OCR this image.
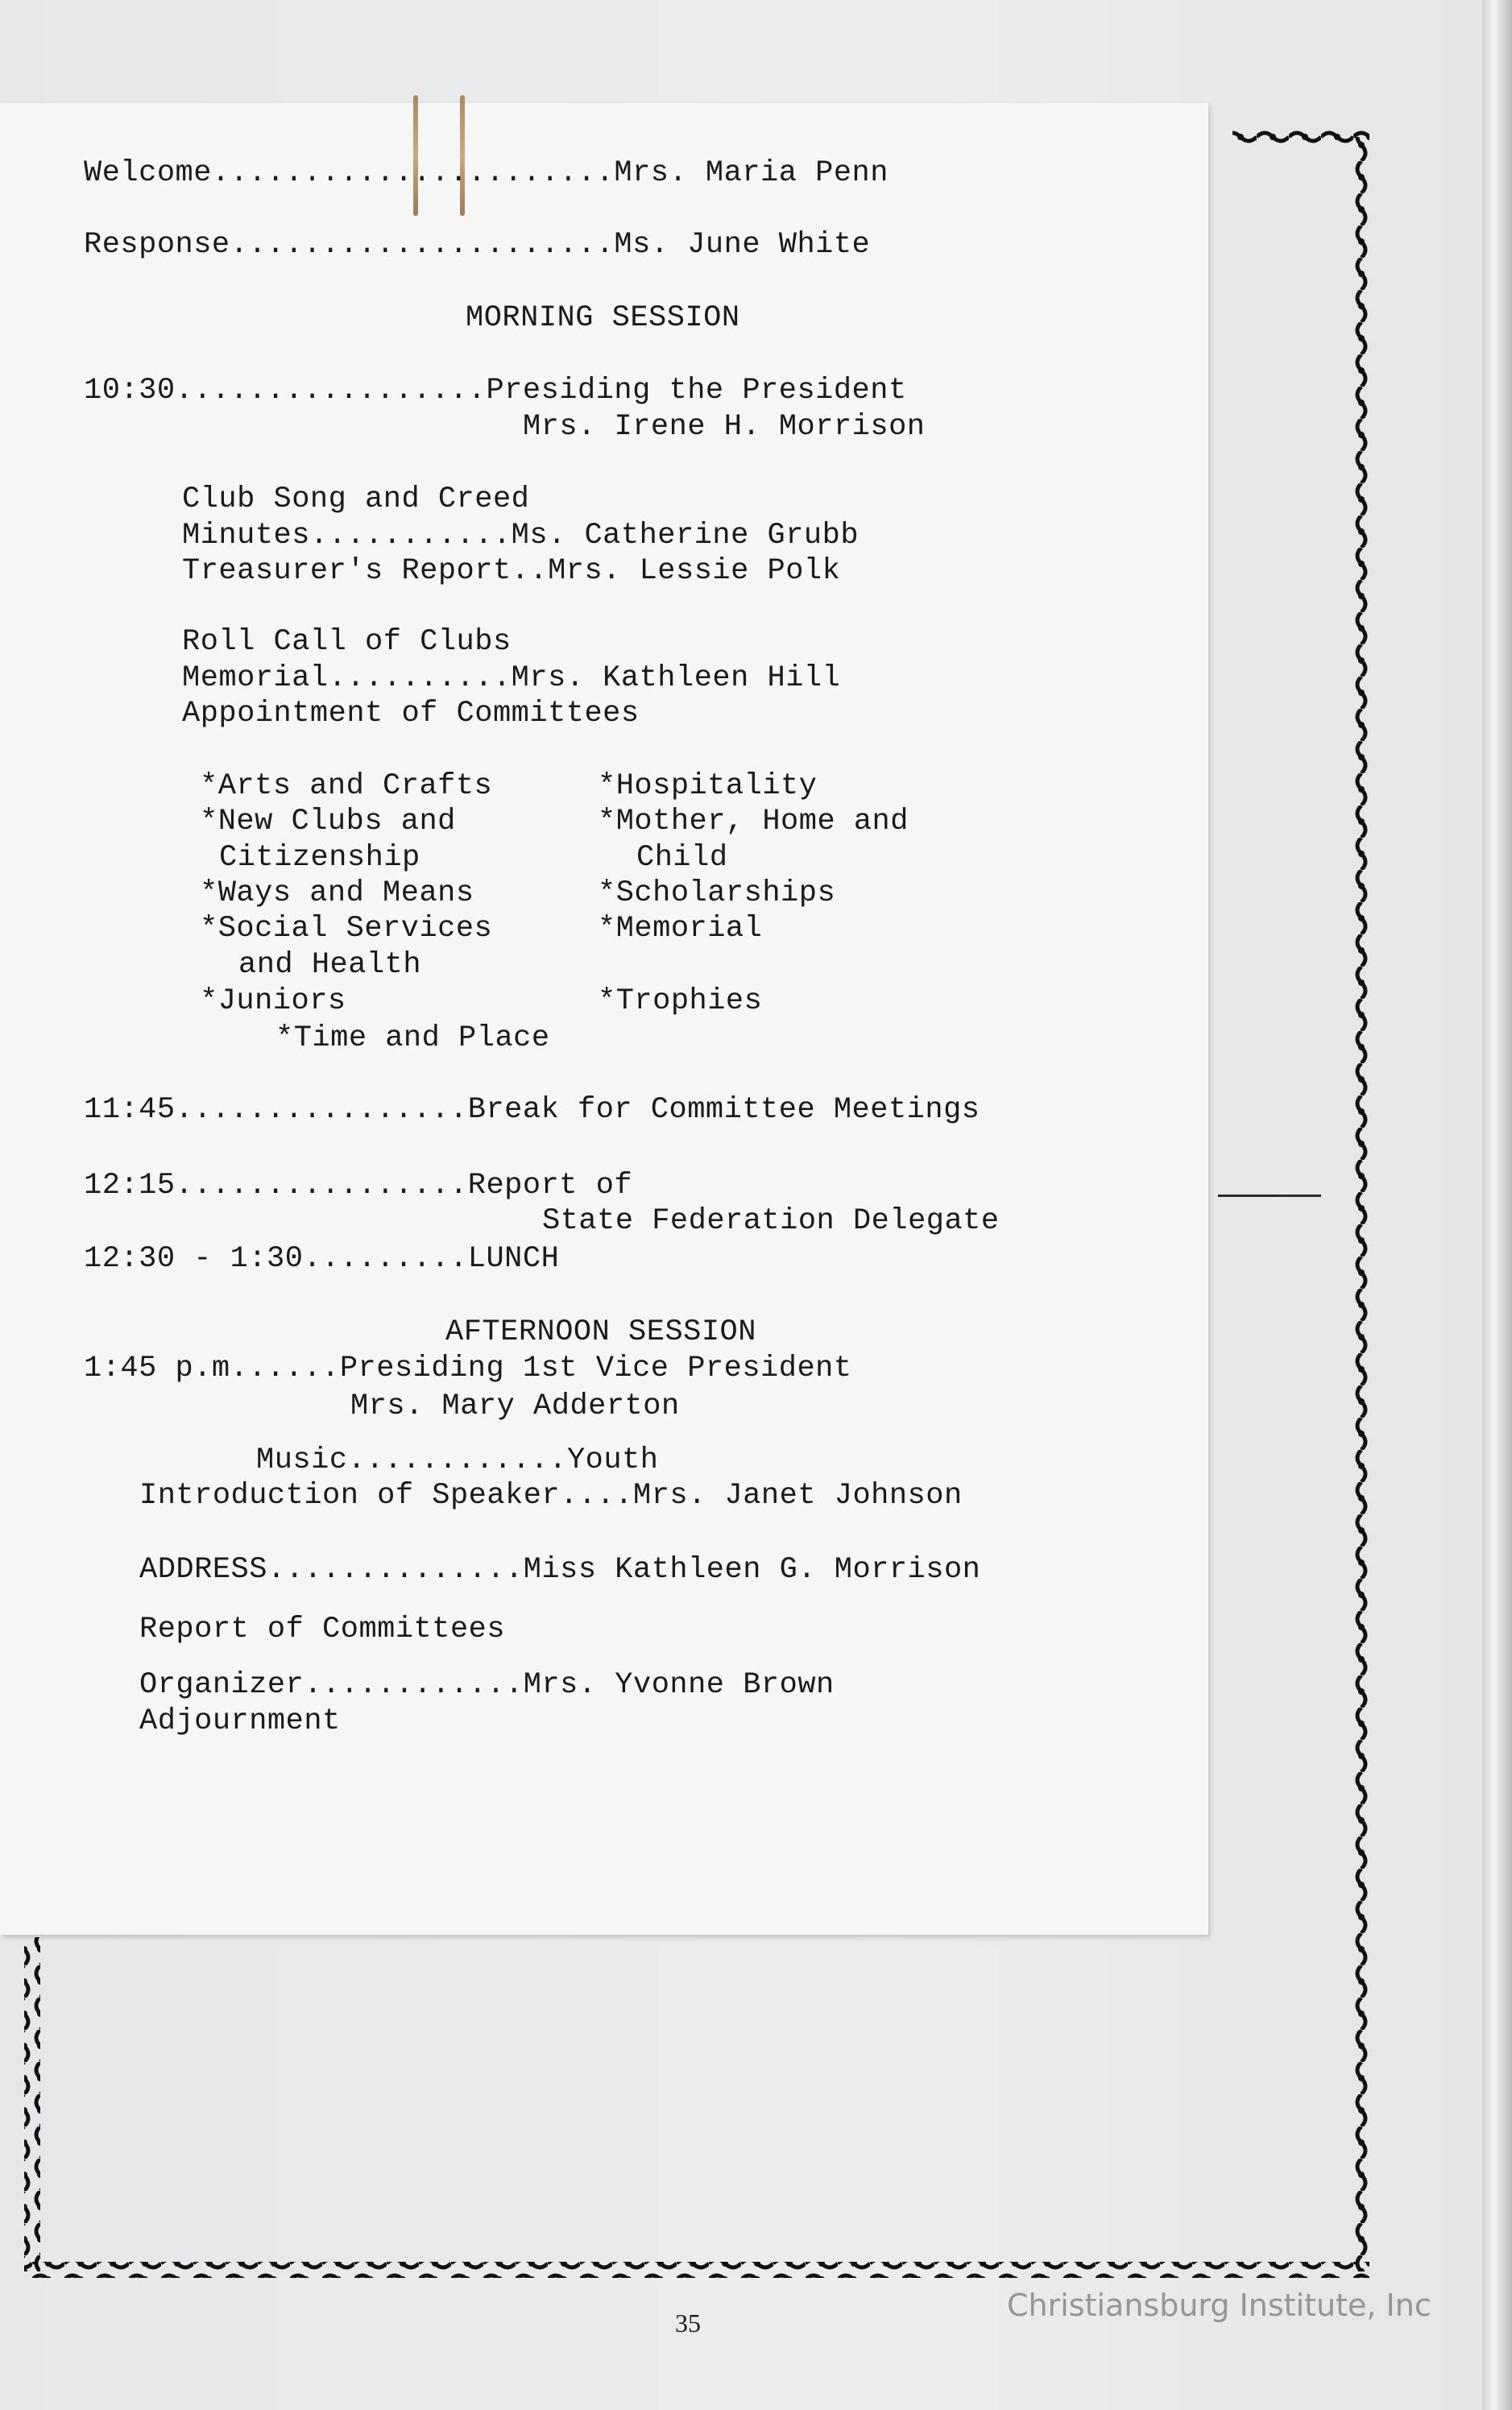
Welcome......................Mrs. Maria Penn
Response.....................Ms. June White
MORNING SESSION
10:30.................Presiding the President
Mrs. Irene H. Morrison
Club Song and Creed
Minutes...........Ms. Catherine Grubb
Treasurer's Report..Mrs. Lessie Polk
Roll Call of Clubs
Memorial..........Mrs. Kathleen Hill
Appointment of Committees
*Arts and Crafts	*Hospitality
*New Clubs and	*Mother, Home and
Citizenship	Child
*Ways and Means	*Scholarships
*Social Services	*Memorial
and Health
*Juniors	*Trophies
*Time and Place
11:45................Break for Committee Meetings
12:15................Report of
State Federation Delegate
12:30 - 1:30.........LUNCH
AFTERNOON SESSION
1:45 p.m......Presiding 1st Vice President
Mrs. Mary Adderton
Music............Youth
Introduction of Speaker....Mrs. Janet Johnson
ADDRESS..............Miss Kathleen G. Morrison
Report of Committees
Organizer............Mrs. Yvonne Brown
Adjournment
35	Christiansburg Institute, Inc
